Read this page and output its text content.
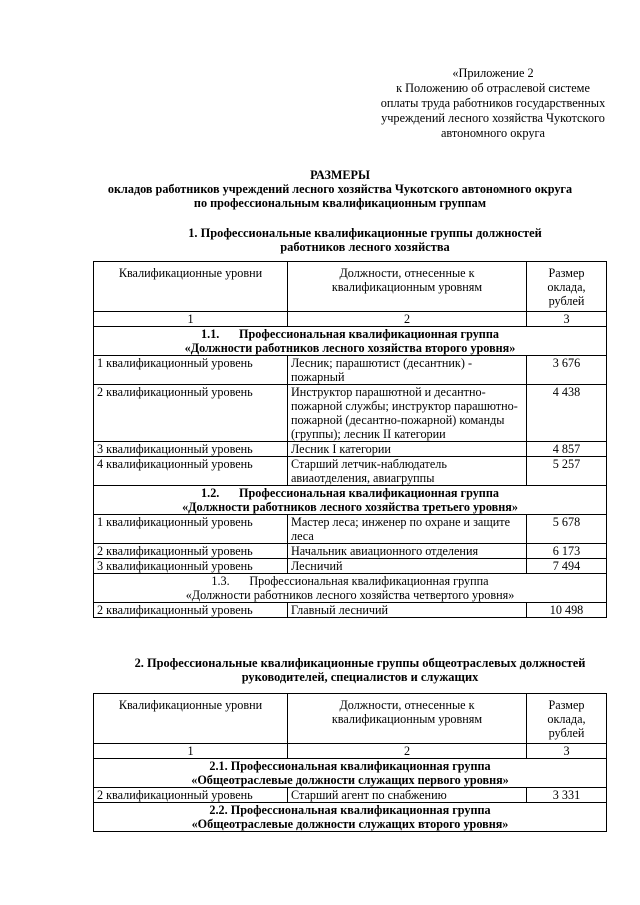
«Приложение 2
к Положению об отраслевой системе
оплаты труда работников государственных
учреждений лесного хозяйства Чукотского
автономного округа
РАЗМЕРЫ
окладов работников учреждений лесного хозяйства Чукотского автономного округа
по профессиональным квалификационным группам
1. Профессиональные квалификационные группы должностей
работников лесного хозяйства
Квалификационные уровни	Должности, отнесенные к квалификационным уровням	Размер оклада, рублей
1	2	3

1.1. Профессиональная квалификационная группа
«Должности работников лесного хозяйства второго уровня»		

1 квалификационный уровень	Лесник; парашютист (десантник) - пожарный	3 676
2 квалификационный уровень	Инструктор парашютной и десантно-пожарной службы; инструктор парашютно-пожарной (десантно-пожарной) команды (группы); лесник II категории	4 438
3 квалификационный уровень	Лесник I категории	4 857
4 квалификационный уровень	Старший летчик-наблюдатель авиаотделения, авиагруппы	5 257

1.2. Профессиональная квалификационная группа
«Должности работников лесного хозяйства третьего уровня»		

1 квалификационный уровень	Мастер леса; инженер по охране и защите леса	5 678
2 квалификационный уровень	Начальник авиационного отделения	6 173
3 квалификационный уровень	Лесничий	7 494

1.3. Профессиональная квалификационная группа
«Должности работников лесного хозяйства четвертого уровня»		

2 квалификационный уровень	Главный лесничий	10 498
2. Профессиональные квалификационные группы общеотраслевых должностей
руководителей, специалистов и служащих
Квалификационные уровни	Должности, отнесенные к квалификационным уровням	Размер оклада, рублей
1	2	3

2.1. Профессиональная квалификационная группа
«Общеотраслевые должности служащих первого уровня»		

2 квалификационный уровень	Старший агент по снабжению	3 331

2.2. Профессиональная квалификационная группа
«Общеотраслевые должности служащих второго уровня»		
